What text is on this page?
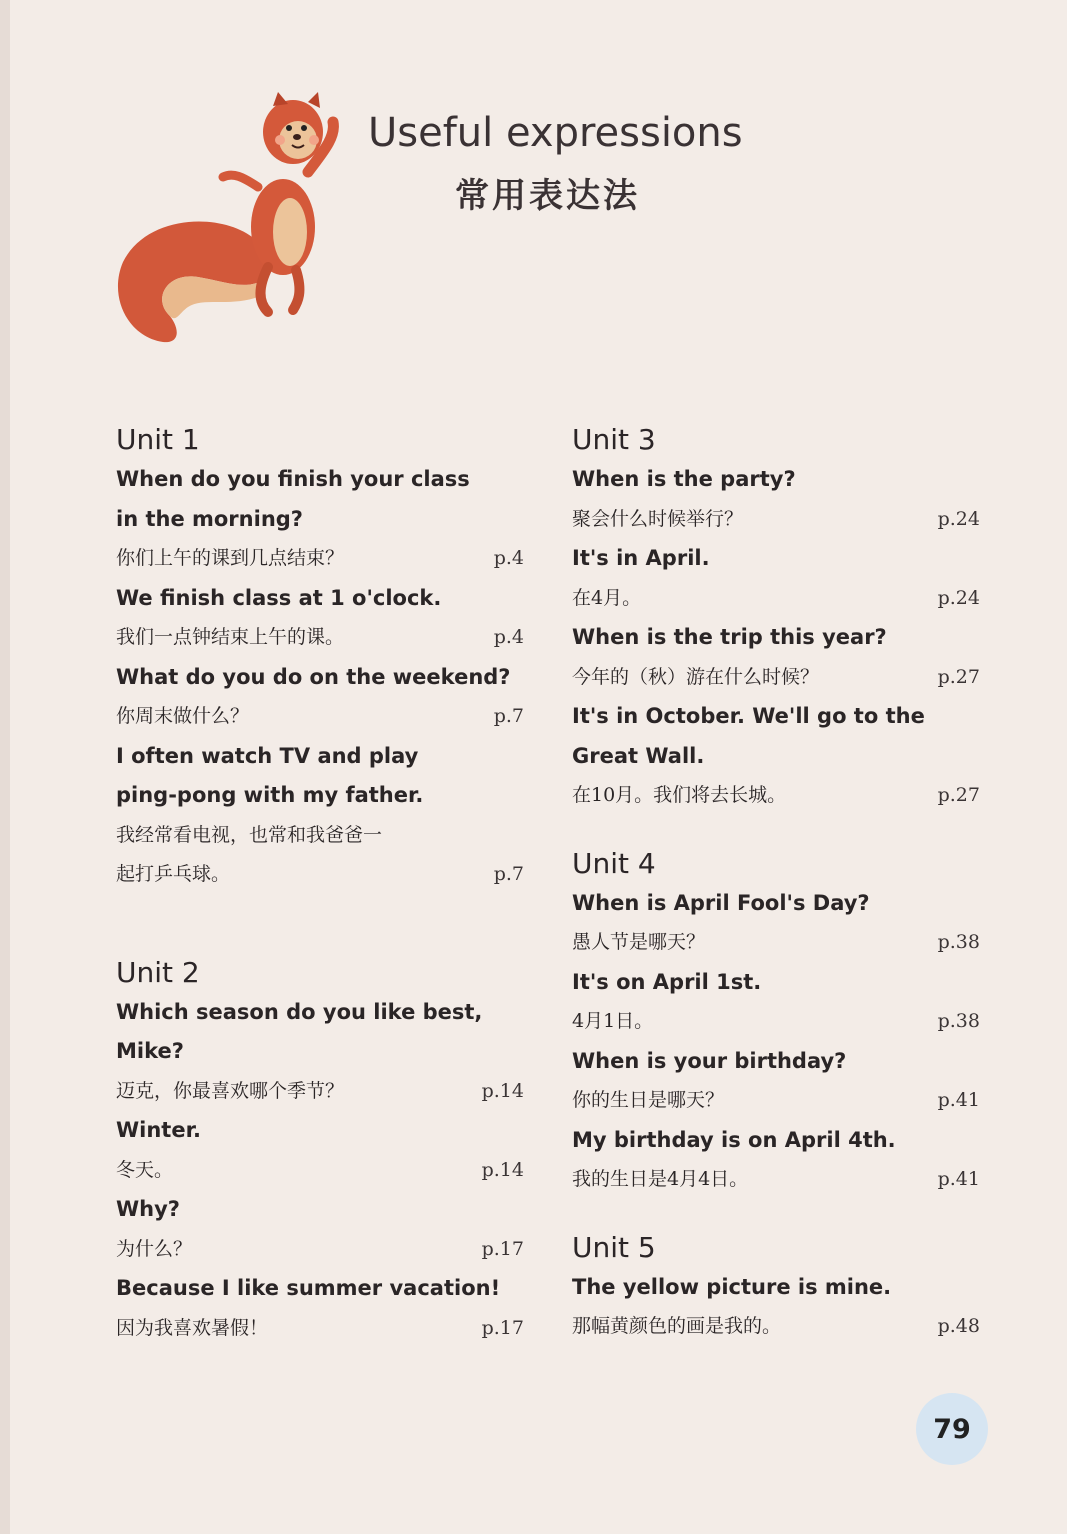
Useful expressions
常用表达法
Unit 1
When do you finish your class
in the morning?
你们上午的课到几点结束？	p.4
We finish class at 1 o'clock.
我们一点钟结束上午的课。	p.4
What do you do on the weekend?
你周末做什么？	p.7
I often watch TV and play
ping-pong with my father.
我经常看电视，也常和我爸爸一
起打乒乓球。	p.7
Unit 2
Which season do you like best,
Mike?
迈克，你最喜欢哪个季节？	p.14
Winter.
冬天。	p.14
Why?
为什么？	p.17
Because I like summer vacation!
因为我喜欢暑假！	p.17
Unit 3
When is the party?
聚会什么时候举行？	p.24
It's in April.
在4月。	p.24
When is the trip this year?
今年的（秋）游在什么时候？	p.27
It's in October. We'll go to the
Great Wall.
在10月。我们将去长城。	p.27
Unit 4
When is April Fool's Day?
愚人节是哪天？	p.38
It's on April 1st.
4月1日。	p.38
When is your birthday?
你的生日是哪天？	p.41
My birthday is on April 4th.
我的生日是4月4日。	p.41
Unit 5
The yellow picture is mine.
那幅黄颜色的画是我的。	p.48
79
